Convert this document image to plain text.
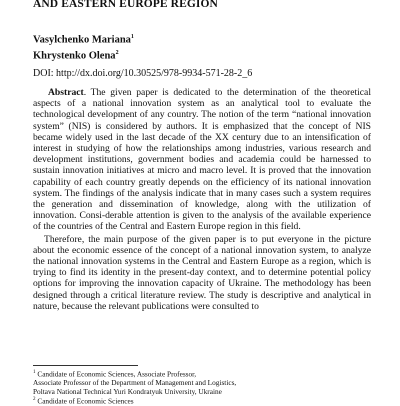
AND EASTERN EUROPE REGION
Vasylchenko Mariana$^1$
Khrystenko Olena$^2$
DOI: http://dx.doi.org/10.30525/978-9934-571-28-2_6

Abstract. The given paper is dedicated to the determination of the theoretical aspects of a national innovation system as an analytical tool to evaluate the technological development of any country. The notion of the term “national innovation system” (NIS) is considered by authors. It is emphasized that the concept of NIS became widely used in the last decade of the XX century due to an intensification of interest in studying of how the relationships among industries, various research and development institutions, government bodies and academia could be harnessed to sustain innovation initiatives at micro and macro level. It is proved that the innovation capability of each country greatly depends on the efficiency of its national innovation system. The findings of the analysis indicate that in many cases such a system requires the generation and dissemination of knowledge, along with the utilization of innovation. Consi-derable attention is given to the analysis of the available experience of the countries of the Central and Eastern Europe region in this field.

Therefore, the main purpose of the given paper is to put everyone in the picture about the economic essence of the concept of a national innovation system, to analyze the national innovation systems in the Central and Eastern Europe as a region, which is trying to find its identity in the present-day context, and to determine potential policy options for improving the innovation capacity of Ukraine. The methodology has been designed through a critical literature review. The study is descriptive and analytical in nature, because the relevant publications were consulted to

$^1$ Candidate of Economic Sciences, Associate Professor,
Associate Professor of the Department of Management and Logistics,
Poltava National Technical Yuri Kondratyuk University, Ukraine
$^2$ Candidate of Economic Sciences
